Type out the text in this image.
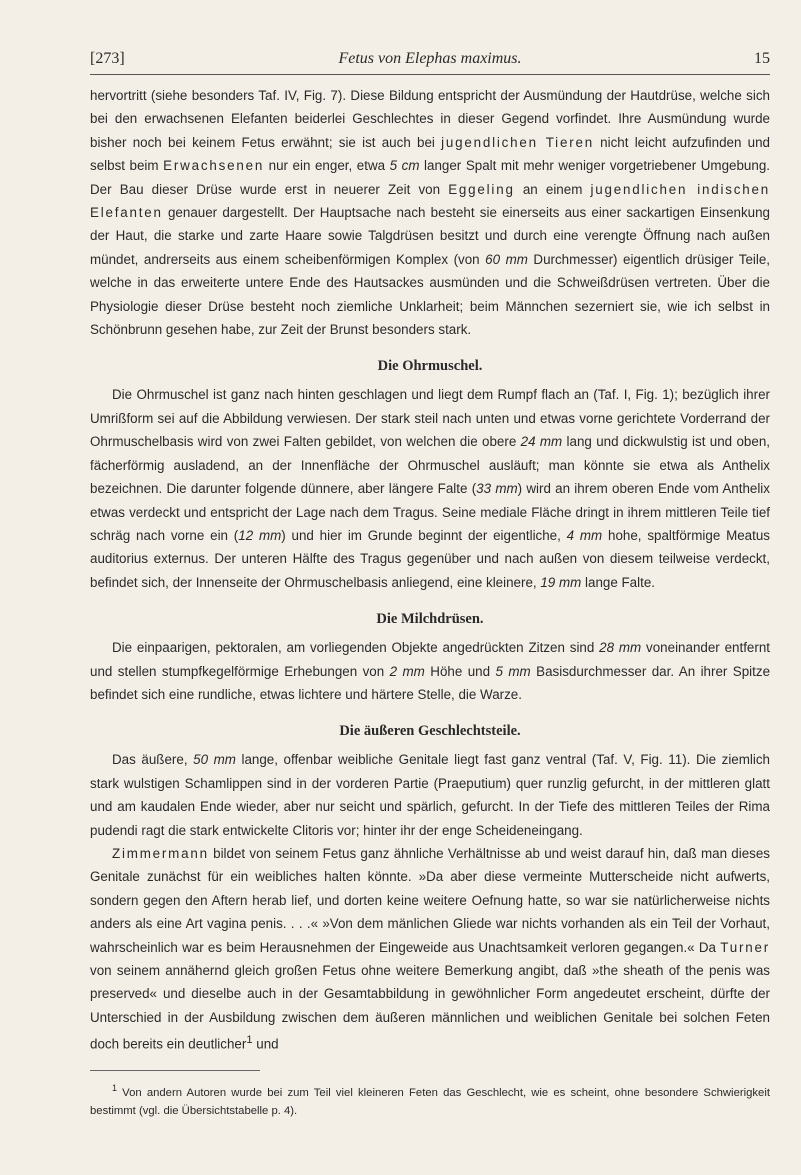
[273]	Fetus von Elephas maximus.	15

hervortritt (siehe besonders Taf. IV, Fig. 7). Diese Bildung entspricht der Ausmündung der Hautdrüse, welche sich bei den erwachsenen Elefanten beiderlei Geschlechtes in dieser Gegend vorfindet. Ihre Ausmündung wurde bisher noch bei keinem Fetus erwähnt; sie ist auch bei jugendlichen Tieren nicht leicht aufzufinden und selbst beim Erwachsenen nur ein enger, etwa 5 cm langer Spalt mit mehr weniger vorgetriebener Umgebung. Der Bau dieser Drüse wurde erst in neuerer Zeit von Eggeling an einem jugendlichen indischen Elefanten genauer dargestellt. Der Hauptsache nach besteht sie einerseits aus einer sackartigen Einsenkung der Haut, die starke und zarte Haare sowie Talgdrüsen besitzt und durch eine verengte Öffnung nach außen mündet, andrerseits aus einem scheibenförmigen Komplex (von 60 mm Durchmesser) eigentlich drüsiger Teile, welche in das erweiterte untere Ende des Hautsackes ausmünden und die Schweißdrüsen vertreten. Über die Physiologie dieser Drüse besteht noch ziemliche Unklarheit; beim Männchen sezerniert sie, wie ich selbst in Schönbrunn gesehen habe, zur Zeit der Brunst besonders stark.

Die Ohrmuschel.

Die Ohrmuschel ist ganz nach hinten geschlagen und liegt dem Rumpf flach an (Taf. I, Fig. 1); bezüglich ihrer Umrißform sei auf die Abbildung verwiesen. Der stark steil nach unten und etwas vorne gerichtete Vorderrand der Ohrmuschelbasis wird von zwei Falten gebildet, von welchen die obere 24 mm lang und dickwulstig ist und oben, fächerförmig ausladend, an der Innenfläche der Ohrmuschel ausläuft; man könnte sie etwa als Anthelix bezeichnen. Die darunter folgende dünnere, aber längere Falte (33 mm) wird an ihrem oberen Ende vom Anthelix etwas verdeckt und entspricht der Lage nach dem Tragus. Seine mediale Fläche dringt in ihrem mittleren Teile tief schräg nach vorne ein (12 mm) und hier im Grunde beginnt der eigentliche, 4 mm hohe, spaltförmige Meatus auditorius externus. Der unteren Hälfte des Tragus gegenüber und nach außen von diesem teilweise verdeckt, befindet sich, der Innenseite der Ohrmuschelbasis anliegend, eine kleinere, 19 mm lange Falte.

Die Milchdrüsen.

Die einpaarigen, pektoralen, am vorliegenden Objekte angedrückten Zitzen sind 28 mm voneinander entfernt und stellen stumpfkegelförmige Erhebungen von 2 mm Höhe und 5 mm Basisdurchmesser dar. An ihrer Spitze befindet sich eine rundliche, etwas lichtere und härtere Stelle, die Warze.

Die äußeren Geschlechtsteile.

Das äußere, 50 mm lange, offenbar weibliche Genitale liegt fast ganz ventral (Taf. V, Fig. 11). Die ziemlich stark wulstigen Schamlippen sind in der vorderen Partie (Praeputium) quer runzlig gefurcht, in der mittleren glatt und am kaudalen Ende wieder, aber nur seicht und spärlich, gefurcht. In der Tiefe des mittleren Teiles der Rima pudendi ragt die stark entwickelte Clitoris vor; hinter ihr der enge Scheideneingang.

Zimmermann bildet von seinem Fetus ganz ähnliche Verhältnisse ab und weist darauf hin, daß man dieses Genitale zunächst für ein weibliches halten könnte. »Da aber diese vermeinte Mutterscheide nicht aufwerts, sondern gegen den Aftern herab lief, und dorten keine weitere Oefnung hatte, so war sie natürlicherweise nichts anders als eine Art vagina penis. . . .« »Von dem mänlichen Gliede war nichts vorhanden als ein Teil der Vorhaut, wahrscheinlich war es beim Herausnehmen der Eingeweide aus Unachtsamkeit verloren gegangen.« Da Turner von seinem annähernd gleich großen Fetus ohne weitere Bemerkung angibt, daß »the sheath of the penis was preserved« und dieselbe auch in der Gesamtabbildung in gewöhnlicher Form angedeutet erscheint, dürfte der Unterschied in der Ausbildung zwischen dem äußeren männlichen und weiblichen Genitale bei solchen Feten doch bereits ein deutlicher$^1$ und

$^1$ Von andern Autoren wurde bei zum Teil viel kleineren Feten das Geschlecht, wie es scheint, ohne besondere Schwierigkeit bestimmt (vgl. die Übersichtstabelle p. 4).
